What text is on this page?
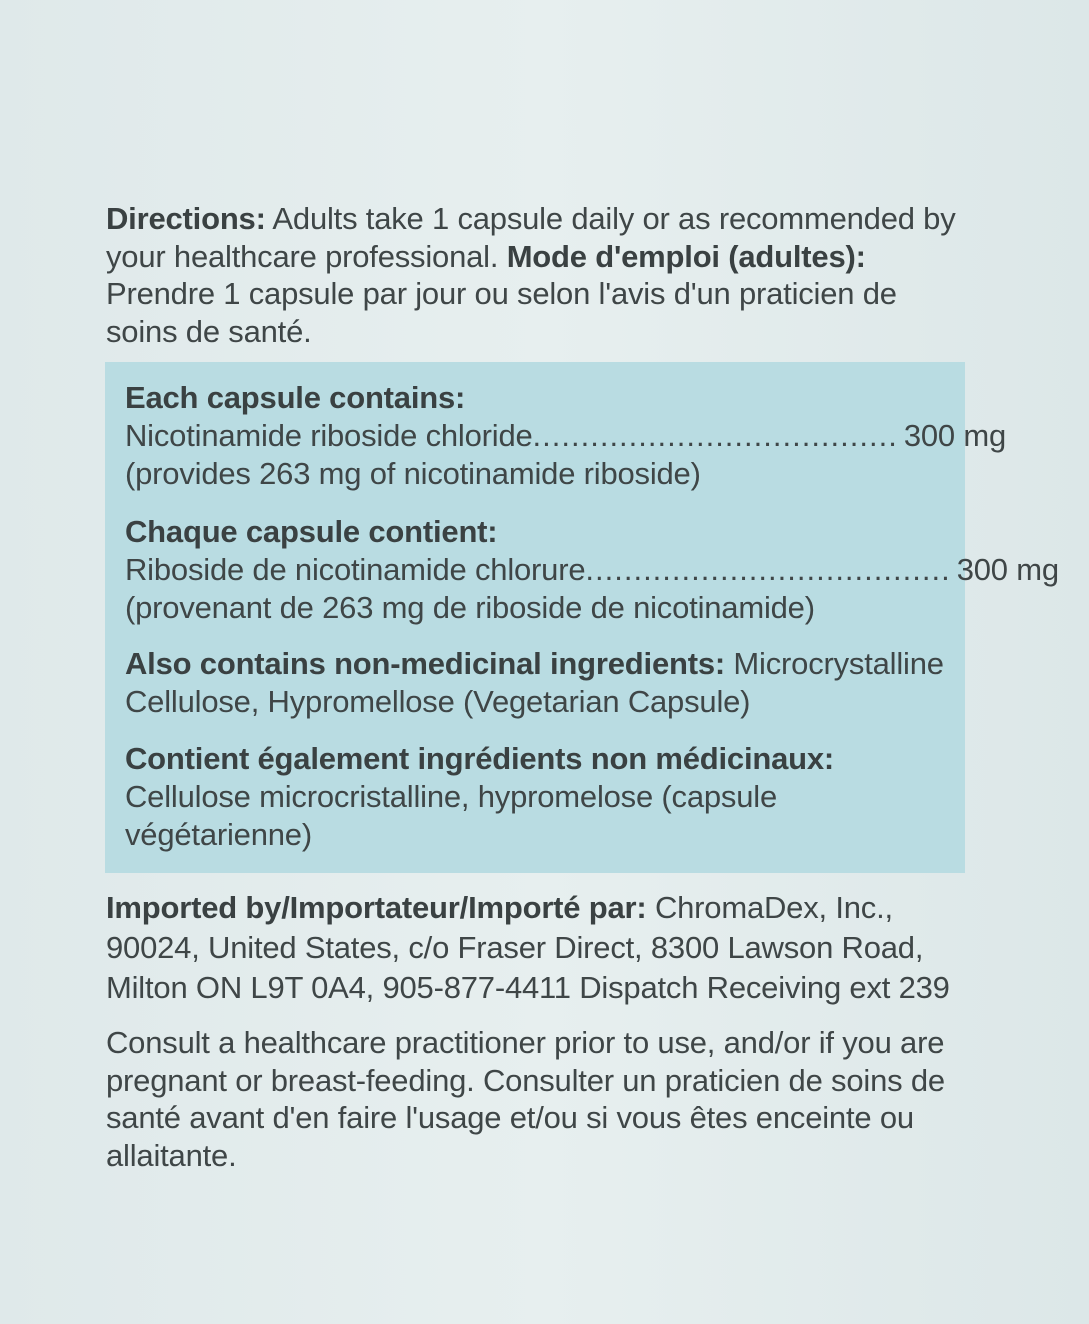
Directions: Adults take 1 capsule daily or as recommended by your healthcare professional. Mode d'emploi (adultes): Prendre 1 capsule par jour ou selon l'avis d'un praticien de soins de santé.

Each capsule contains:
Nicotinamide riboside chloride ...................................... 300 mg
(provides 263 mg of nicotinamide riboside)
Chaque capsule contient:
Riboside de nicotinamide chlorure ...................................... 300 mg
(provenant de 263 mg de riboside de nicotinamide)

Also contains non-medicinal ingredients: Microcrystalline Cellulose, Hypromellose (Vegetarian Capsule)

Contient également ingrédients non médicinaux:
Cellulose microcristalline, hypromelose (capsule végétarienne)

Imported by/Importateur/Importé par: ChromaDex, Inc., 90024, United States, c/o Fraser Direct, 8300 Lawson Road, Milton ON L9T 0A4, 905-877-4411 Dispatch Receiving ext 239

Consult a healthcare practitioner prior to use, and/or if you are pregnant or breast-feeding. Consulter un praticien de soins de santé avant d'en faire l'usage et/ou si vous êtes enceinte ou allaitante.
